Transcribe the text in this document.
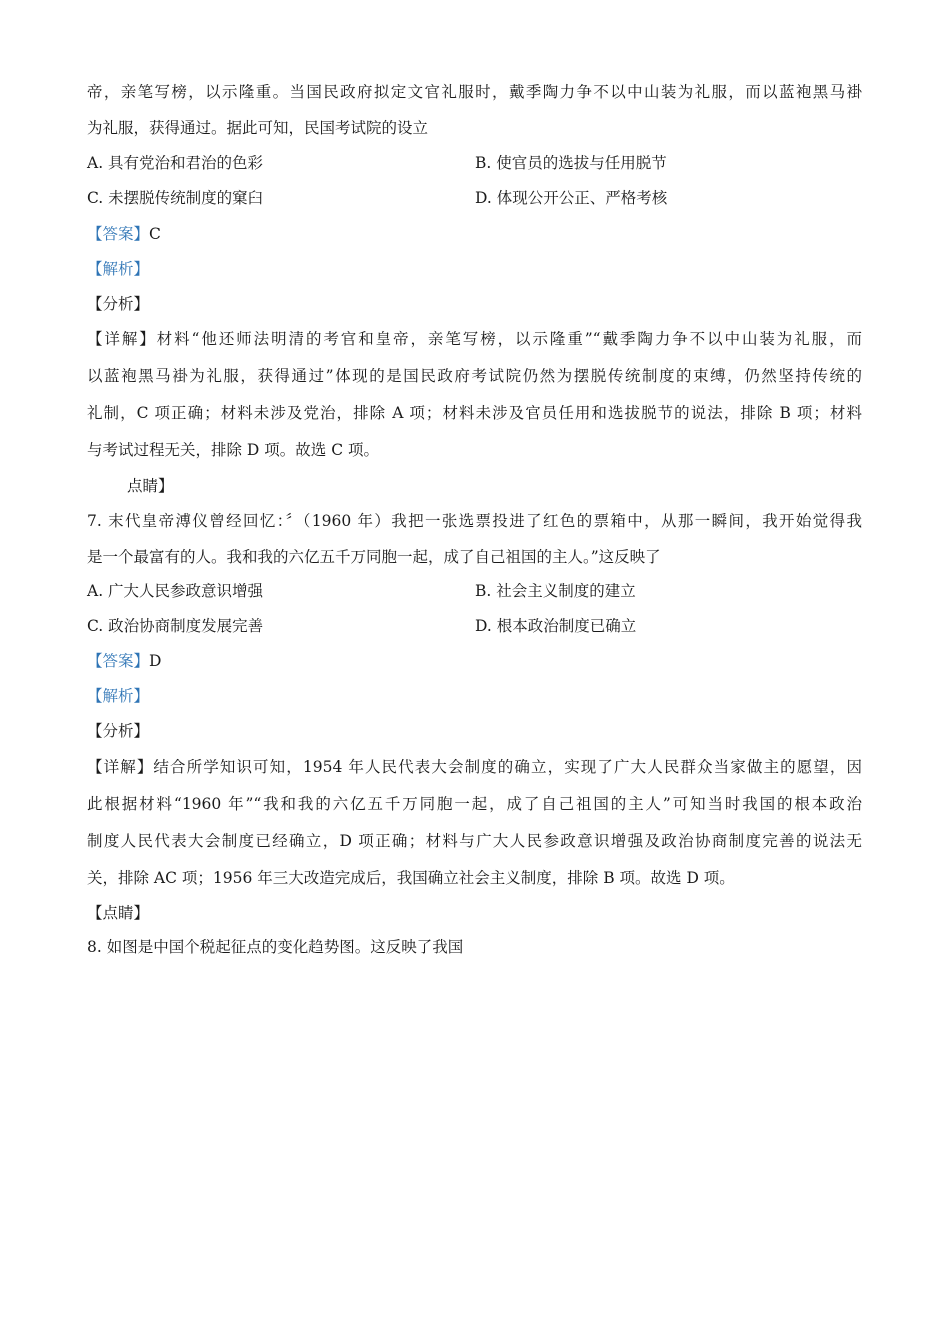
帝，亲笔写榜，以示隆重。当国民政府拟定文官礼服时，戴季陶力争不以中山装为礼服，而以蓝袍黑马褂
为礼服，获得通过。据此可知，民国考试院的设立
A. 具有党治和君治的色彩	B. 使官员的选拔与任用脱节
C. 未摆脱传统制度的窠臼	D. 体现公开公正、严格考核
【答案】C
【解析】
【分析】
【详解】材料“他还师法明清的考官和皇帝，亲笔写榜，以示隆重”“戴季陶力争不以中山装为礼服，而
以蓝袍黑马褂为礼服，获得通过”体现的是国民政府考试院仍然为摆脱传统制度的束缚，仍然坚持传统的
礼制，C 项正确；材料未涉及党治，排除 A 项；材料未涉及官员任用和选拔脱节的说法，排除 B 项；材料
与考试过程无关，排除 D 项。故选 C 项。
点睛】
7. 末代皇帝溥仪曾经回忆：〞（1960 年）我把一张选票投进了红色的票箱中，从那一瞬间，我开始觉得我
是一个最富有的人。我和我的六亿五千万同胞一起，成了自己祖国的主人。”这反映了
A. 广大人民参政意识增强	B. 社会主义制度的建立
C. 政治协商制度发展完善	D. 根本政治制度已确立
【答案】D
【解析】
【分析】
【详解】结合所学知识可知，1954 年人民代表大会制度的确立，实现了广大人民群众当家做主的愿望，因
此根据材料“1960 年”“我和我的六亿五千万同胞一起，成了自己祖国的主人”可知当时我国的根本政治
制度人民代表大会制度已经确立，D 项正确；材料与广大人民参政意识增强及政治协商制度完善的说法无
关，排除 AC 项；1956 年三大改造完成后，我国确立社会主义制度，排除 B 项。故选 D 项。
【点睛】
8. 如图是中国个税起征点的变化趋势图。这反映了我国
